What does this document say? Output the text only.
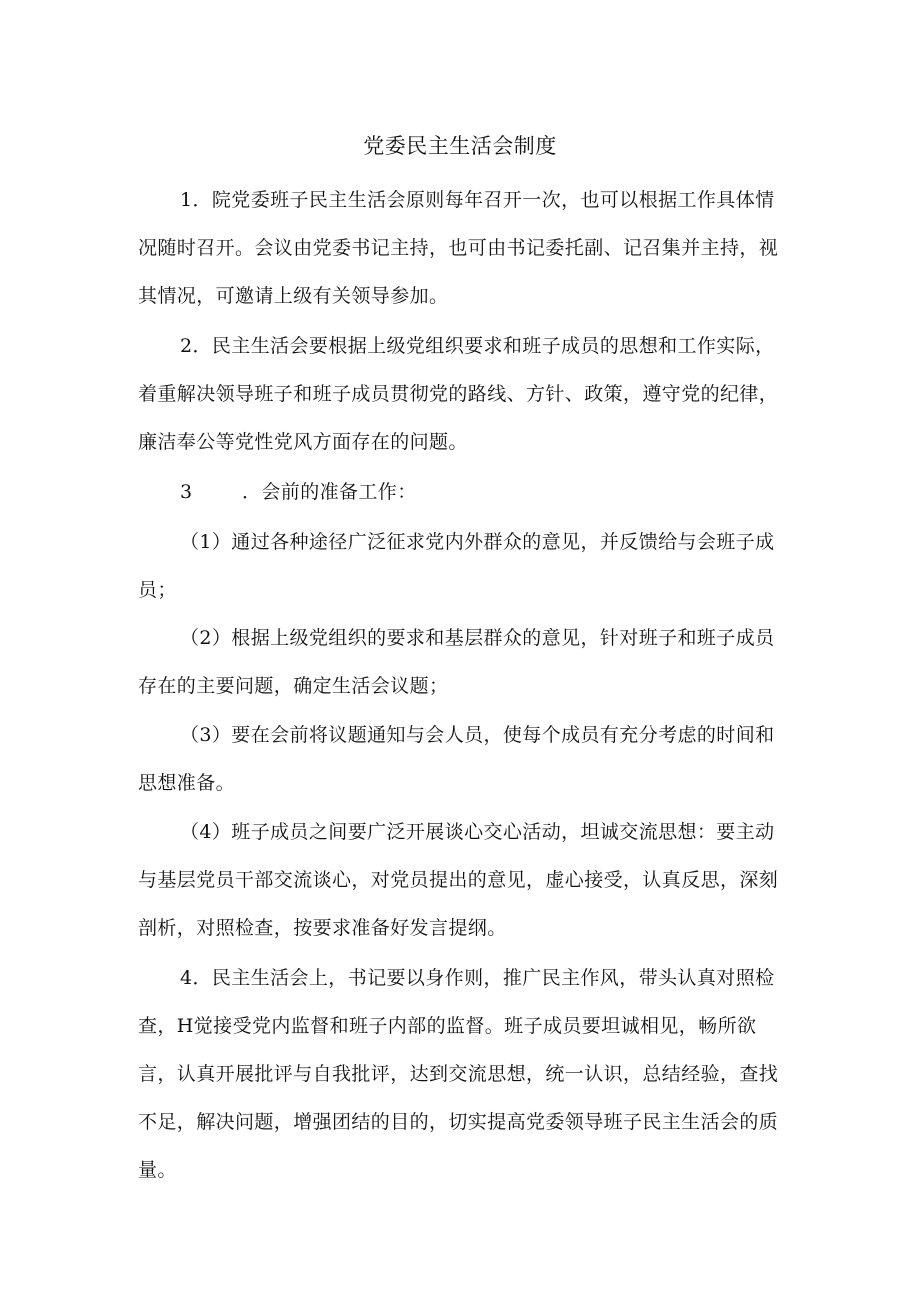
党委民主生活会制度

1．院党委班子民主生活会原则每年召开一次，也可以根据工作具体情况随时召开。会议由党委书记主持，也可由书记委托副、记召集并主持，视其情况，可邀请上级有关领导参加。

2．民主生活会要根据上级党组织要求和班子成员的思想和工作实际，着重解决领导班子和班子成员贯彻党的路线、方针、政策，遵守党的纪律，廉洁奉公等党性党风方面存在的问题。

3	．会前的准备工作：

（1）通过各种途径广泛征求党内外群众的意见，并反馈给与会班子成员；

（2）根据上级党组织的要求和基层群众的意见，针对班子和班子成员存在的主要问题，确定生活会议题；

（3）要在会前将议题通知与会人员，使每个成员有充分考虑的时间和思想准备。

（4）班子成员之间要广泛开展谈心交心活动，坦诚交流思想：要主动与基层党员干部交流谈心，对党员提出的意见，虚心接受，认真反思，深刻剖析，对照检查，按要求准备好发言提纲。

4．民主生活会上，书记要以身作则，推广民主作风，带头认真对照检查，H觉接受党内监督和班子内部的监督。班子成员要坦诚相见，畅所欲言，认真开展批评与自我批评，达到交流思想，统一认识，总结经验，查找不足，解决问题，增强团结的目的，切实提高党委领导班子民主生活会的质量。
